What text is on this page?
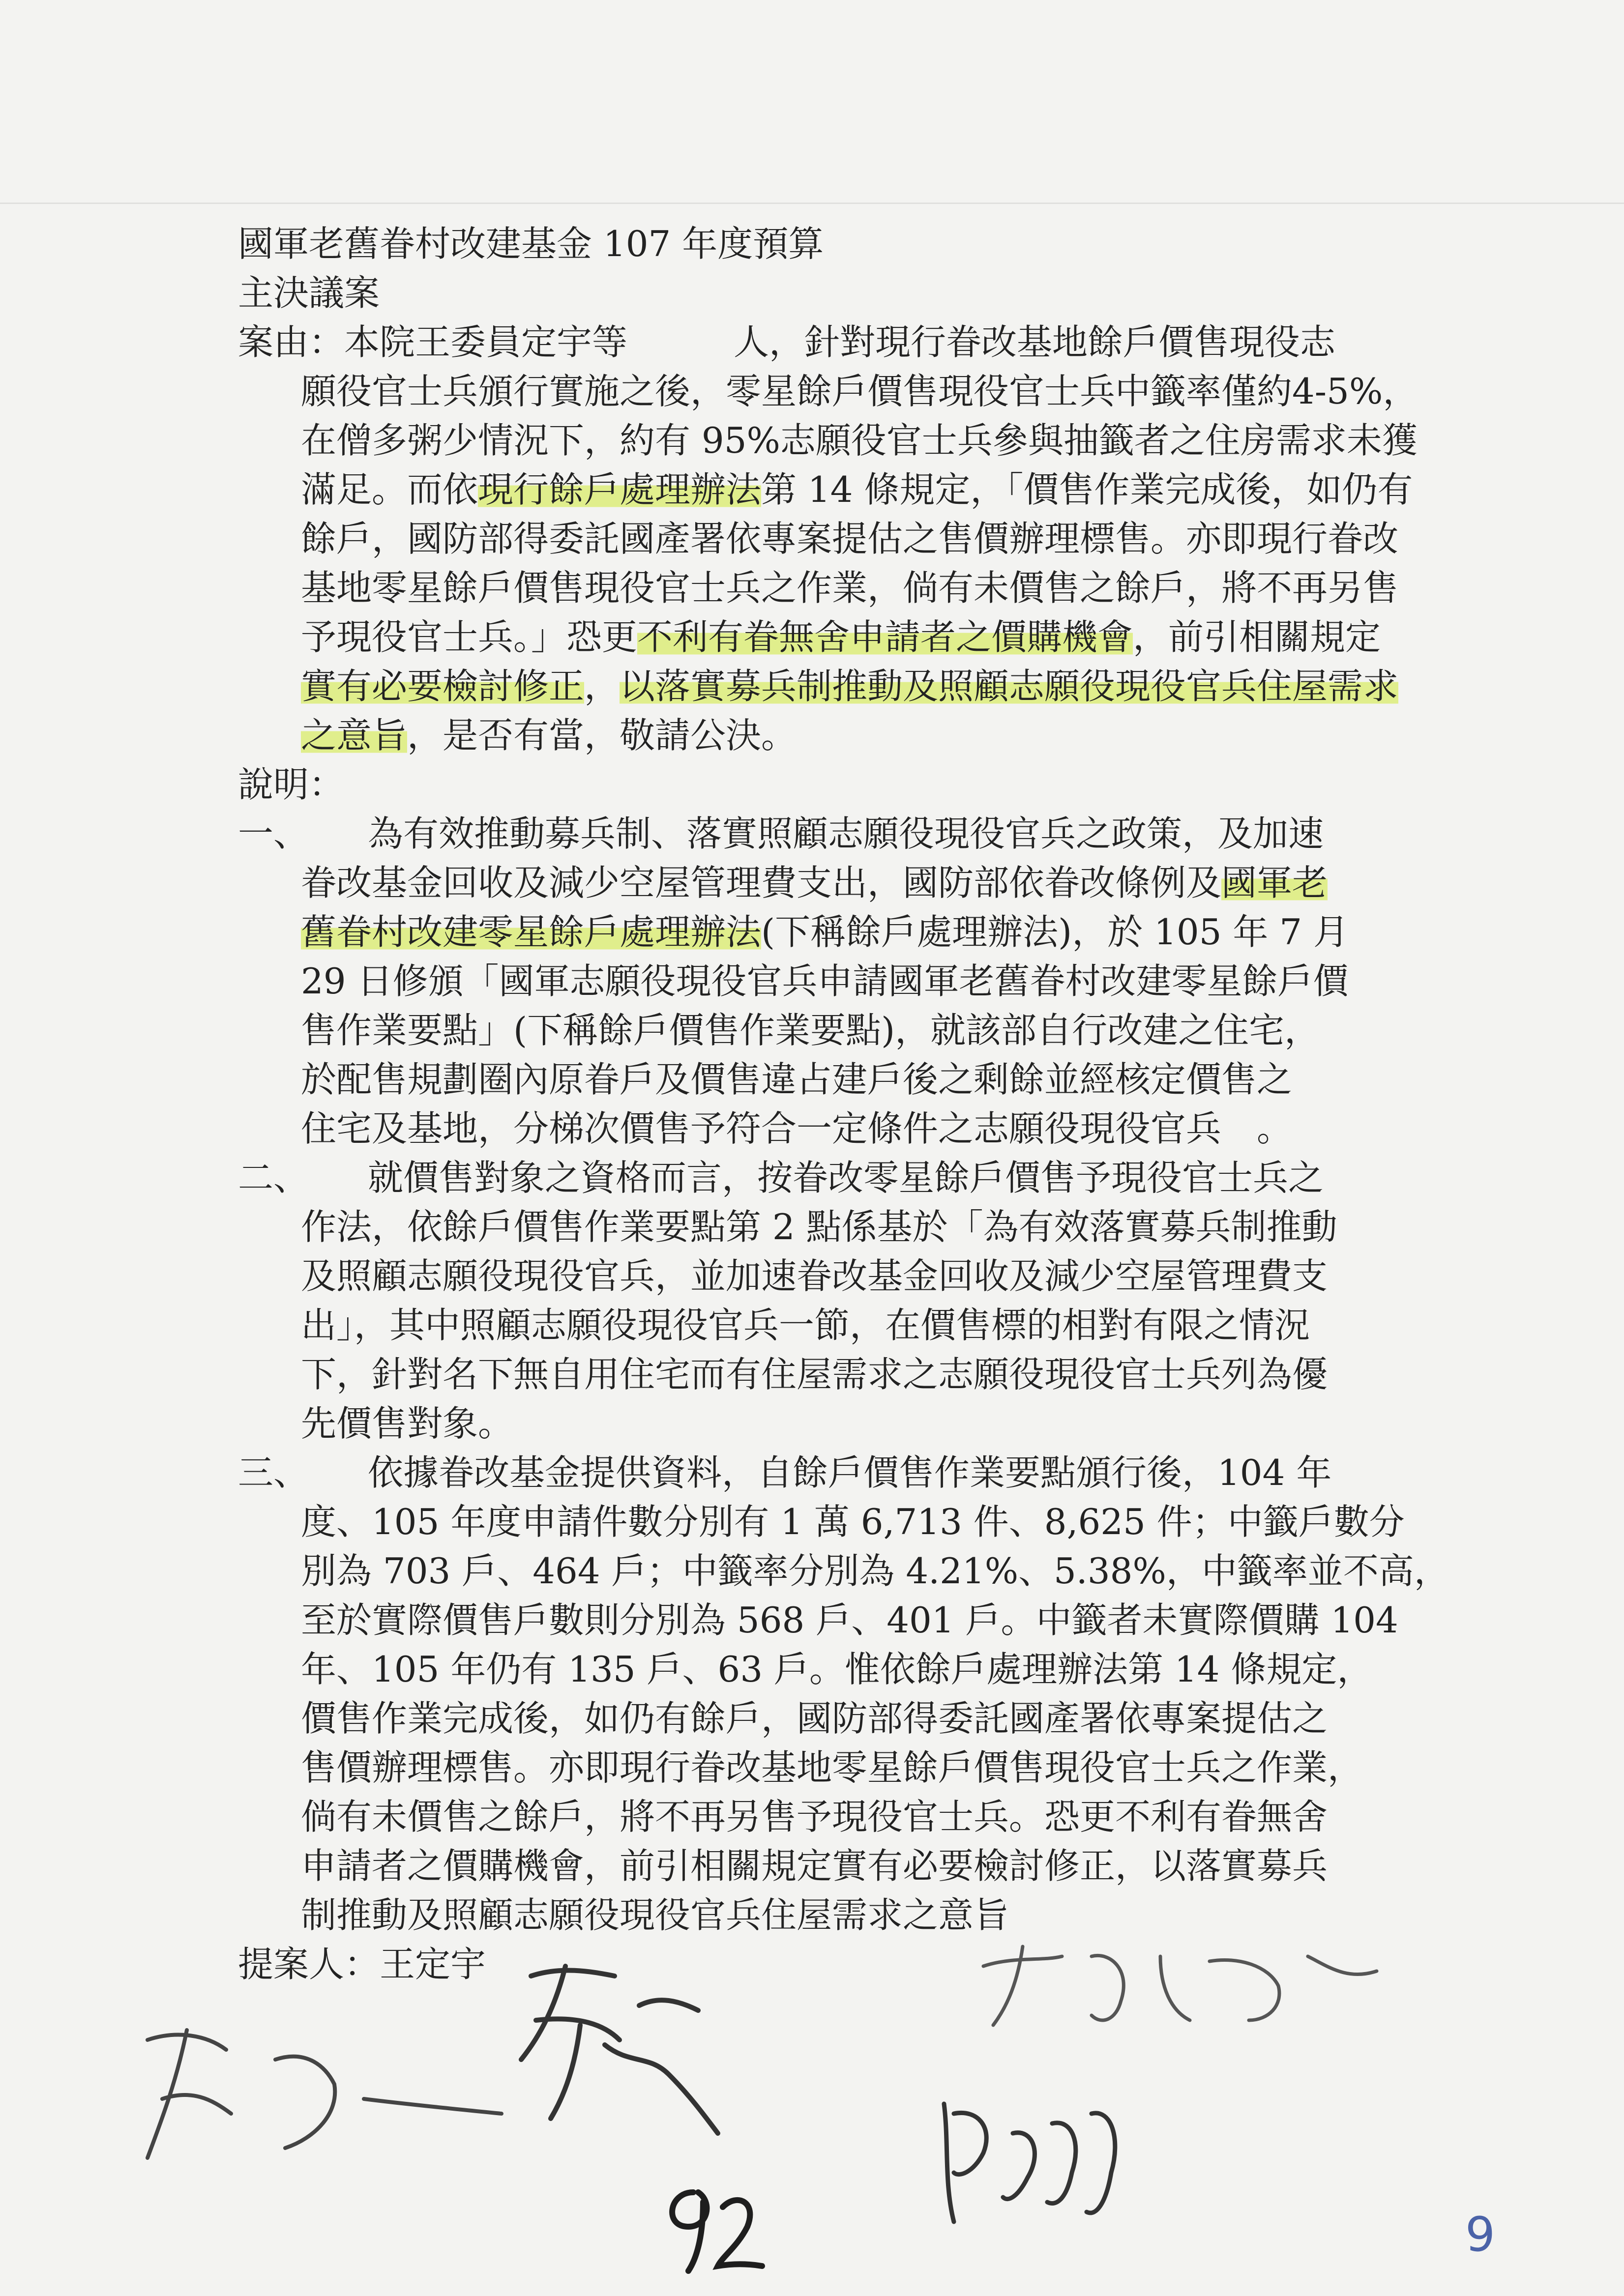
國軍老舊眷村改建基金 107 年度預算
主決議案
案由：本院王委員定宇等　　　人，針對現行眷改基地餘戶價售現役志
願役官士兵頒行實施之後，零星餘戶價售現役官士兵中籤率僅約4-5%，
在僧多粥少情況下，約有 95%志願役官士兵參與抽籤者之住房需求未獲
滿足。而依現行餘戶處理辦法第 14 條規定，「價售作業完成後，如仍有
餘戶，國防部得委託國產署依專案提估之售價辦理標售。亦即現行眷改
基地零星餘戶價售現役官士兵之作業，倘有未價售之餘戶，將不再另售
予現役官士兵。」恐更不利有眷無舍申請者之價購機會，前引相關規定
實有必要檢討修正，以落實募兵制推動及照顧志願役現役官兵住屋需求
之意旨，是否有當，敬請公決。
說明：
一、	為有效推動募兵制、落實照顧志願役現役官兵之政策，及加速
眷改基金回收及減少空屋管理費支出，國防部依眷改條例及國軍老
舊眷村改建零星餘戶處理辦法(下稱餘戶處理辦法)，於 105 年 7 月
29 日修頒「國軍志願役現役官兵申請國軍老舊眷村改建零星餘戶價
售作業要點」(下稱餘戶價售作業要點)，就該部自行改建之住宅，
於配售規劃圈內原眷戶及價售違占建戶後之剩餘並經核定價售之
住宅及基地，分梯次價售予符合一定條件之志願役現役官兵　。
二、	就價售對象之資格而言，按眷改零星餘戶價售予現役官士兵之
作法，依餘戶價售作業要點第 2 點係基於「為有效落實募兵制推動
及照顧志願役現役官兵，並加速眷改基金回收及減少空屋管理費支
出」，其中照顧志願役現役官兵一節，在價售標的相對有限之情況
下，針對名下無自用住宅而有住屋需求之志願役現役官士兵列為優
先價售對象。
三、	依據眷改基金提供資料，自餘戶價售作業要點頒行後，104 年
度、105 年度申請件數分別有 1 萬 6,713 件、8,625 件；中籤戶數分
別為 703 戶、464 戶；中籤率分別為 4.21%、5.38%，中籤率並不高，
至於實際價售戶數則分別為 568 戶、401 戶。中籤者未實際價購 104
年、105 年仍有 135 戶、63 戶。惟依餘戶處理辦法第 14 條規定，
價售作業完成後，如仍有餘戶，國防部得委託國產署依專案提估之
售價辦理標售。亦即現行眷改基地零星餘戶價售現役官士兵之作業，
倘有未價售之餘戶，將不再另售予現役官士兵。恐更不利有眷無舍
申請者之價購機會，前引相關規定實有必要檢討修正，以落實募兵
制推動及照顧志願役現役官兵住屋需求之意旨
提案人：王定宇
92
9
